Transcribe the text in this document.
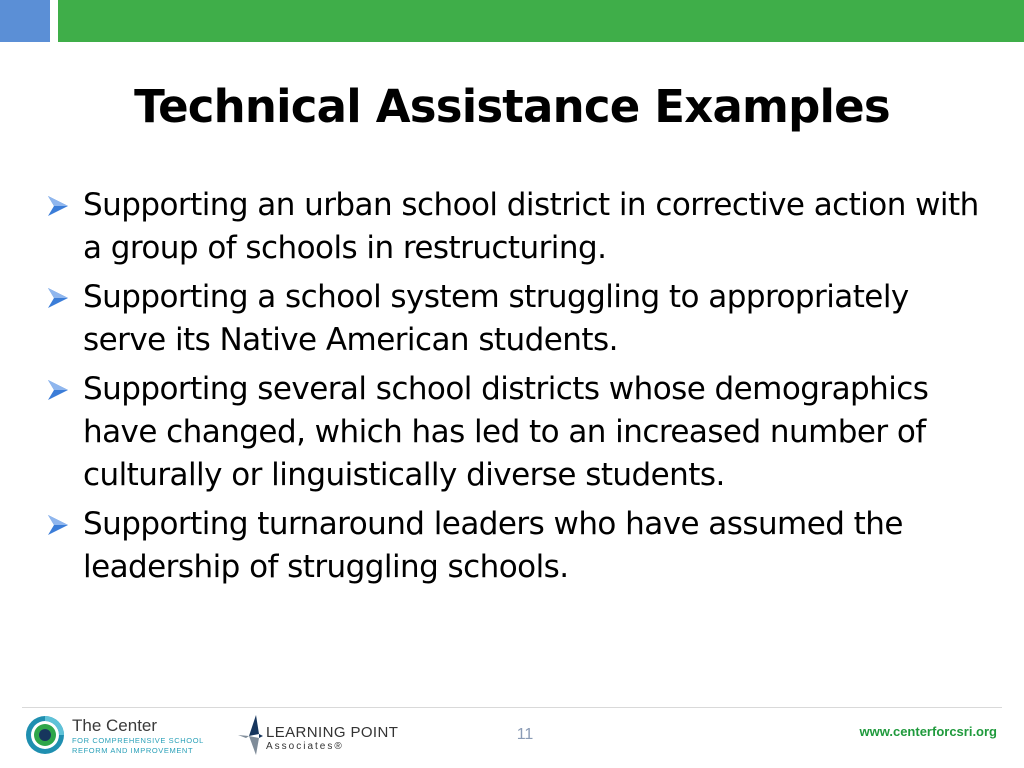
Technical Assistance Examples
Supporting an urban school district in corrective action with a group of schools in restructuring.
Supporting a school system struggling to appropriately serve its Native American students.
Supporting several school districts whose demographics have changed, which has led to an increased number of culturally or linguistically diverse students.
Supporting turnaround leaders who have assumed the leadership of struggling schools.
The Center
FOR COMPREHENSIVE SCHOOL REFORM AND IMPROVEMENT
LEARNING POINT
Associates®
11	www.centerforcsri.org
